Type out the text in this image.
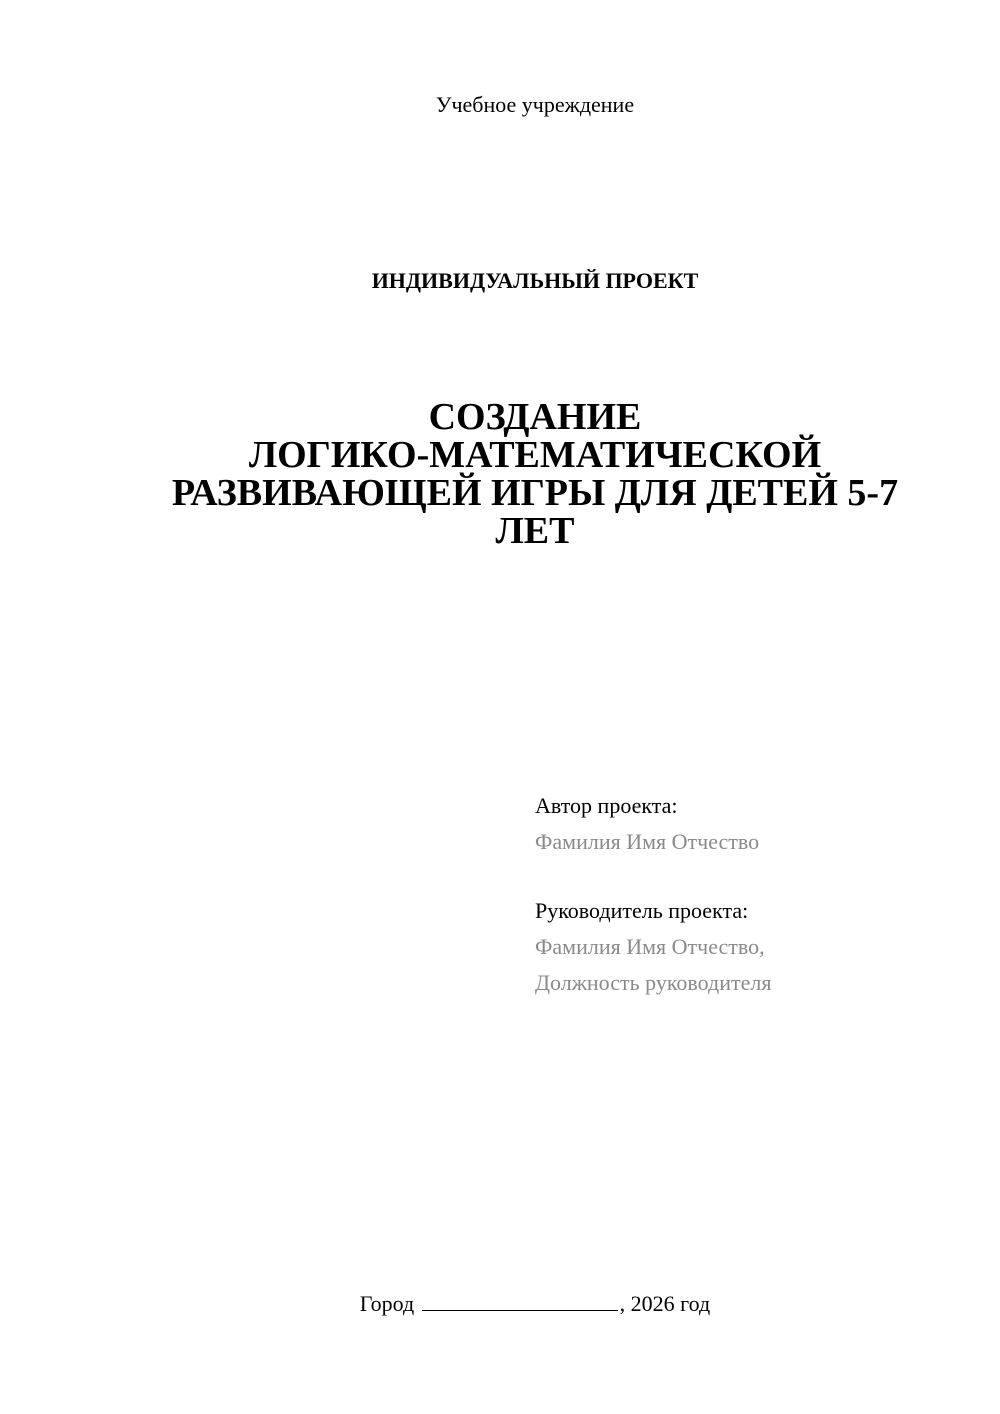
Учебное учреждение
ИНДИВИДУАЛЬНЫЙ ПРОЕКТ
СОЗДАНИЕ
ЛОГИКО-МАТЕМАТИЧЕСКОЙ
РАЗВИВАЮЩЕЙ ИГРЫ ДЛЯ ДЕТЕЙ 5-7
ЛЕТ
Автор проекта:
Фамилия Имя Отчество
Руководитель проекта:
Фамилия Имя Отчество,
Должность руководителя
Город	, 2026 год
